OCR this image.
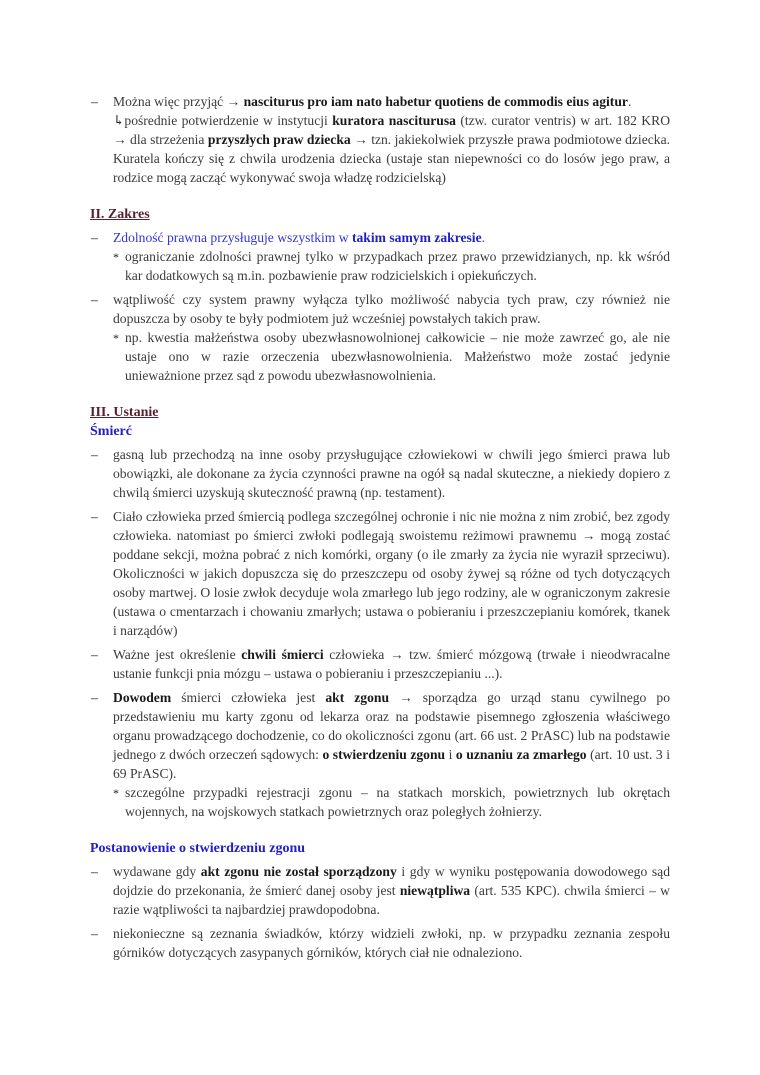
– Można więc przyjąć → nasciturus pro iam nato habetur quotiens de commodis eius agitur.
↳pośrednie potwierdzenie w instytucji kuratora nasciturusa (tzw. curator ventris) w art. 182 KRO → dla strzeżenia przyszłych praw dziecka → tzn. jakiekolwiek przyszłe prawa podmiotowe dziecka. Kuratela kończy się z chwila urodzenia dziecka (ustaje stan niepewności co do losów jego praw, a rodzice mogą zacząć wykonywać swoja władzę rodzicielską)
II. Zakres
– Zdolność prawna przysługuje wszystkim w takim samym zakresie.
* ograniczanie zdolności prawnej tylko w przypadkach przez prawo przewidzianych, np. kk wśród kar dodatkowych są m.in. pozbawienie praw rodzicielskich i opiekuńczych.
– wątpliwość czy system prawny wyłącza tylko możliwość nabycia tych praw, czy również nie dopuszcza by osoby te były podmiotem już wcześniej powstałych takich praw.
* np. kwestia małżeństwa osoby ubezwłasnowolnionej całkowicie – nie może zawrzeć go, ale nie ustaje ono w razie orzeczenia ubezwłasnowolnienia. Małżeństwo może zostać jedynie unieważnione przez sąd z powodu ubezwłasnowolnienia.
III. Ustanie
Śmierć
– gasną lub przechodzą na inne osoby przysługujące człowiekowi w chwili jego śmierci prawa lub obowiązki, ale dokonane za życia czynności prawne na ogół są nadal skuteczne, a niekiedy dopiero z chwilą śmierci uzyskują skuteczność prawną (np. testament).
– Ciało człowieka przed śmiercią podlega szczególnej ochronie i nic nie można z nim zrobić, bez zgody człowieka. natomiast po śmierci zwłoki podlegają swoistemu reżimowi prawnemu → mogą zostać poddane sekcji, można pobrać z nich komórki, organy (o ile zmarły za życia nie wyraził sprzeciwu). Okoliczności w jakich dopuszcza się do przeszczepu od osoby żywej są różne od tych dotyczących osoby martwej. O losie zwłok decyduje wola zmarłego lub jego rodziny, ale w ograniczonym zakresie (ustawa o cmentarzach i chowaniu zmarłych; ustawa o pobieraniu i przeszczepianiu komórek, tkanek i narządów)
– Ważne jest określenie chwili śmierci człowieka → tzw. śmierć mózgową (trwałe i nieodwracalne ustanie funkcji pnia mózgu – ustawa o pobieraniu i przeszczepianiu ...).
– Dowodem śmierci człowieka jest akt zgonu → sporządza go urząd stanu cywilnego po przedstawieniu mu karty zgonu od lekarza oraz na podstawie pisemnego zgłoszenia właściwego organu prowadzącego dochodzenie, co do okoliczności zgonu (art. 66 ust. 2 PrASC) lub na podstawie jednego z dwóch orzeczeń sądowych: o stwierdzeniu zgonu i o uznaniu za zmarłego (art. 10 ust. 3 i 69 PrASC).
* szczególne przypadki rejestracji zgonu – na statkach morskich, powietrznych lub okrętach wojennych, na wojskowych statkach powietrznych oraz poległych żołnierzy.
Postanowienie o stwierdzeniu zgonu
– wydawane gdy akt zgonu nie został sporządzony i gdy w wyniku postępowania dowodowego sąd dojdzie do przekonania, że śmierć danej osoby jest niewątpliwa (art. 535 KPC). chwila śmierci – w razie wątpliwości ta najbardziej prawdopodobna.
– niekonieczne są zeznania świadków, którzy widzieli zwłoki, np. w przypadku zeznania zespołu górników dotyczących zasypanych górników, których ciał nie odnaleziono.
